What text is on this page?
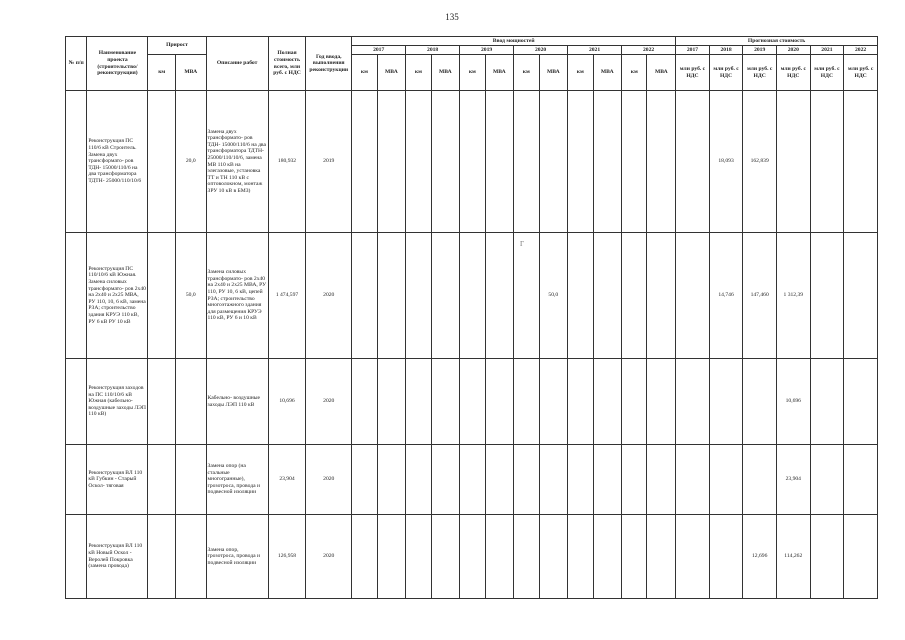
135
№ п/п	Наименование проекта (строительство/ реконструкция)	Прирост		Описание работ	Полная стоимость всего, млн руб. с НДС	Год ввода, выполнения реконструкции	Ввод мощностей												Прогнозная стоимость					
							2017		2018		2019		2020		2021		2022		2017	2018	2019	2020	2021	2022
		км	МВА				км	МВА	км	МВА	км	МВА	км	МВА	км	МВА	км	МВА	млн руб. с НДС	млн руб. с НДС	млн руб. с НДС	млн руб. с НДС	млн руб. с НДС	млн руб. с НДС
	Реконструкция ПС 110/6 кВ Строитель. Замена двух трансформато- ров ТДН- 15000/110/6 на два трансформатора ТДТН- 25000/110/10/6		20,0	Замена двух трансформато- ров ТДН- 15000/110/6 на два трансформатора ТДТН- 25000/110/10/6, замена МВ 110 кВ на элегазовые, установка ТТ и ТН 110 кВ с оптоволокном, монтаж ЗРУ 10 кВ в БМЗ)	180,932	2019														18,093	162,839			
	Реконструкция ПС 110/10/6 кВ Южная. Замена силовых трансформато- ров 2х40 на 2х40 и 2х25 МВА, РУ 110, 10, 6 кВ, замена РЗА; строительство здания КРУЭ 110 кВ, РУ 6 кВ РУ 10 кВ		50,0	Замена силовых трансформато- ров 2х40 на 2х40 и 2х25 МВА, РУ 110, РУ 10, 6 кВ, цепей РЗА; строительство многоэтажного здания для размещения КРУЭ 110 кВ, РУ 6 и 10 кВ	1 474,597	2020								50,0						14,746	147,460	1 312,39		
	Реконструкция заходов на ПС 110/10/6 кВ Южная (кабельно- воздушные заходы ЛЭП 110 кВ)			Кабельно- воздушные заходы ЛЭП 110 кВ	10,696	2020																10,696		
	Реконструкция ВЛ 110 кВ Губкин - Старый Оскол- тяговая			Замена опор (на стальные многогранные), грозотроса, провода и подвесной изоляции	23,904	2020																23,904		
	Реконструкция ВЛ 110 кВ Новый Оскол - Веролей Покровка (замена провода)			Замена опор, грозотроса, провода и подвесной изоляции	126,958	2020															12,696	114,262		
Г
